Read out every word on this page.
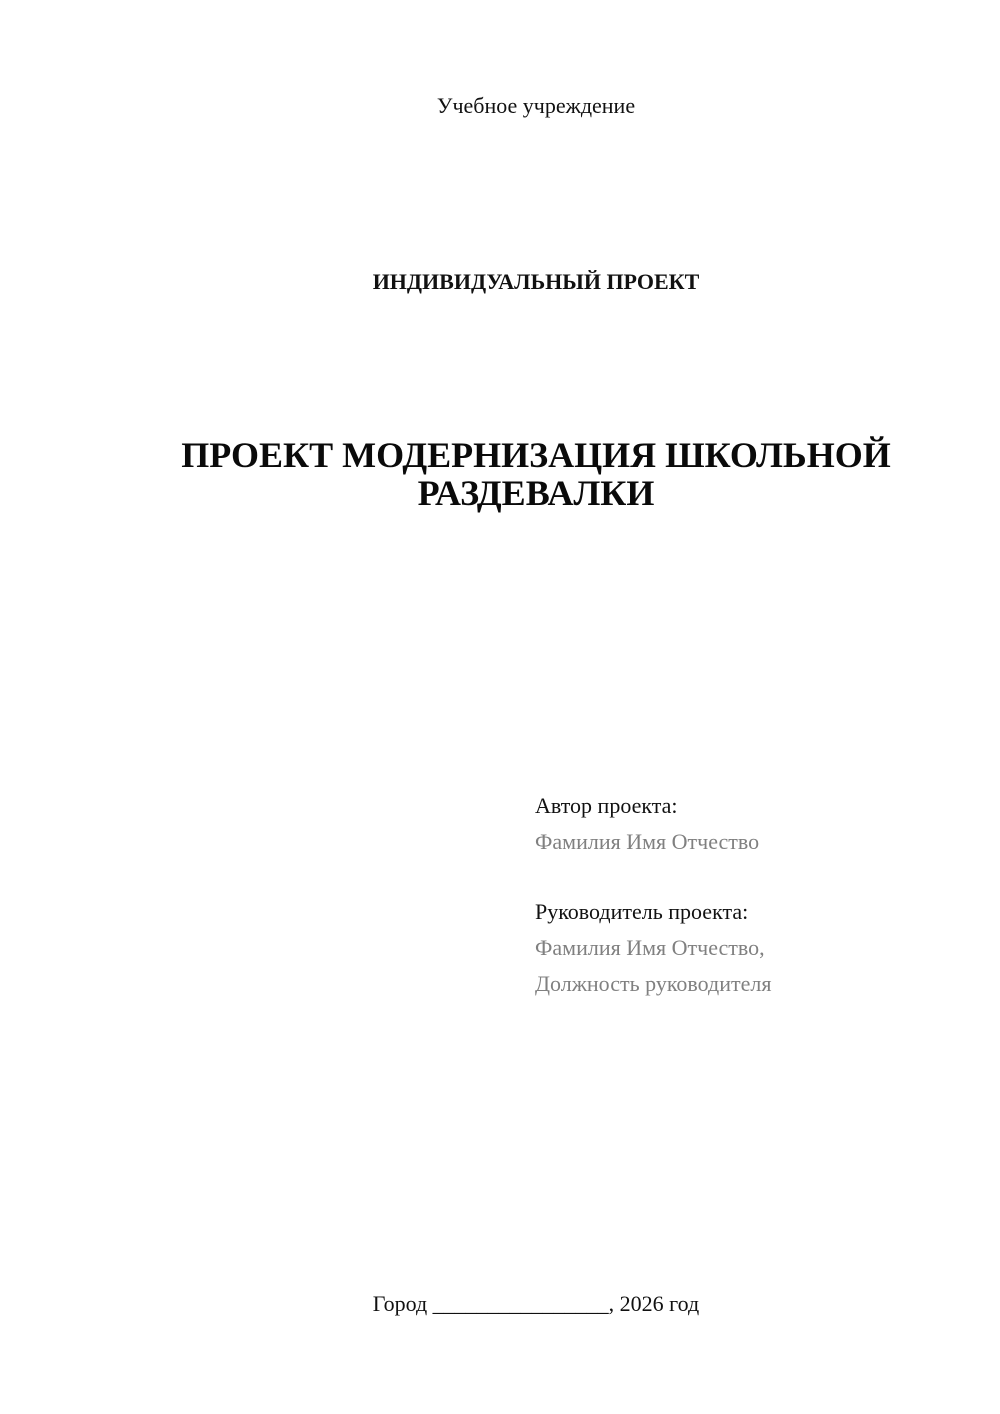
Учебное учреждение
ИНДИВИДУАЛЬНЫЙ ПРОЕКТ
ПРОЕКТ МОДЕРНИЗАЦИЯ ШКОЛЬНОЙ
РАЗДЕВАЛКИ
Автор проекта:
Фамилия Имя Отчество
Руководитель проекта:
Фамилия Имя Отчество,
Должность руководителя
Город ________________, 2026 год
